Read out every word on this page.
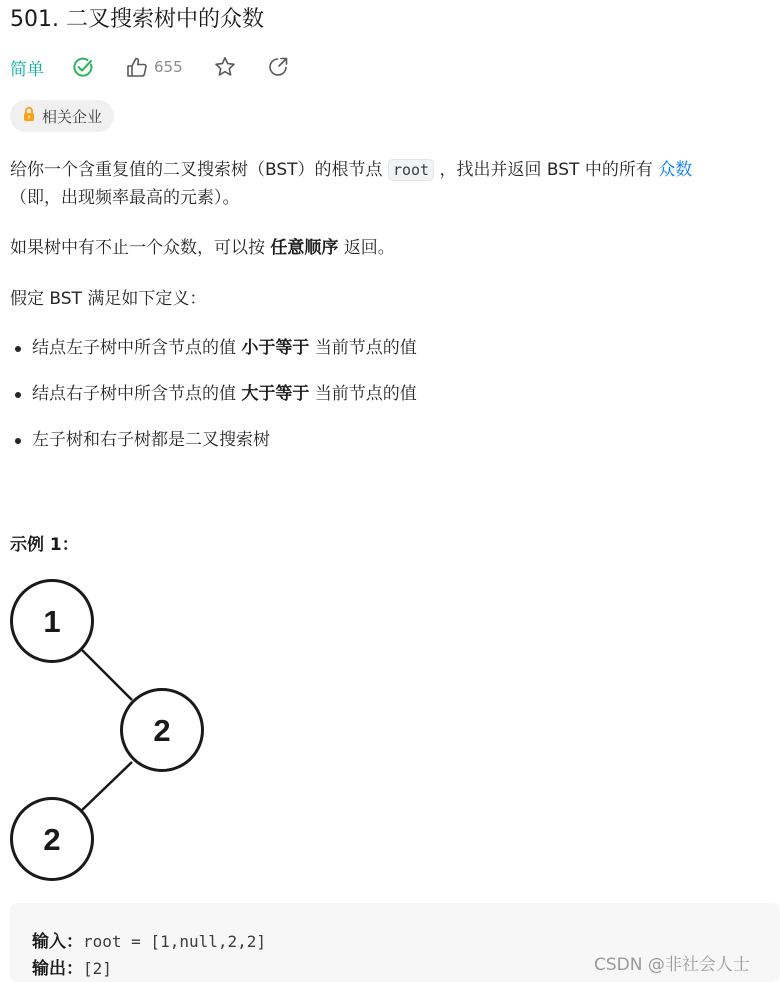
501. 二叉搜索树中的众数
简单	655
相关企业
给你一个含重复值的二叉搜索树（BST）的根节点 root ，找出并返回 BST 中的所有 众数
（即，出现频率最高的元素）。
如果树中有不止一个众数，可以按 任意顺序 返回。
假定 BST 满足如下定义：
结点左子树中所含节点的值 小于等于 当前节点的值
结点右子树中所含节点的值 大于等于 当前节点的值
左子树和右子树都是二叉搜索树
示例 1：
1
2
2
输入：root = [1,null,2,2]
输出：[2]	CSDN @非社会人士
